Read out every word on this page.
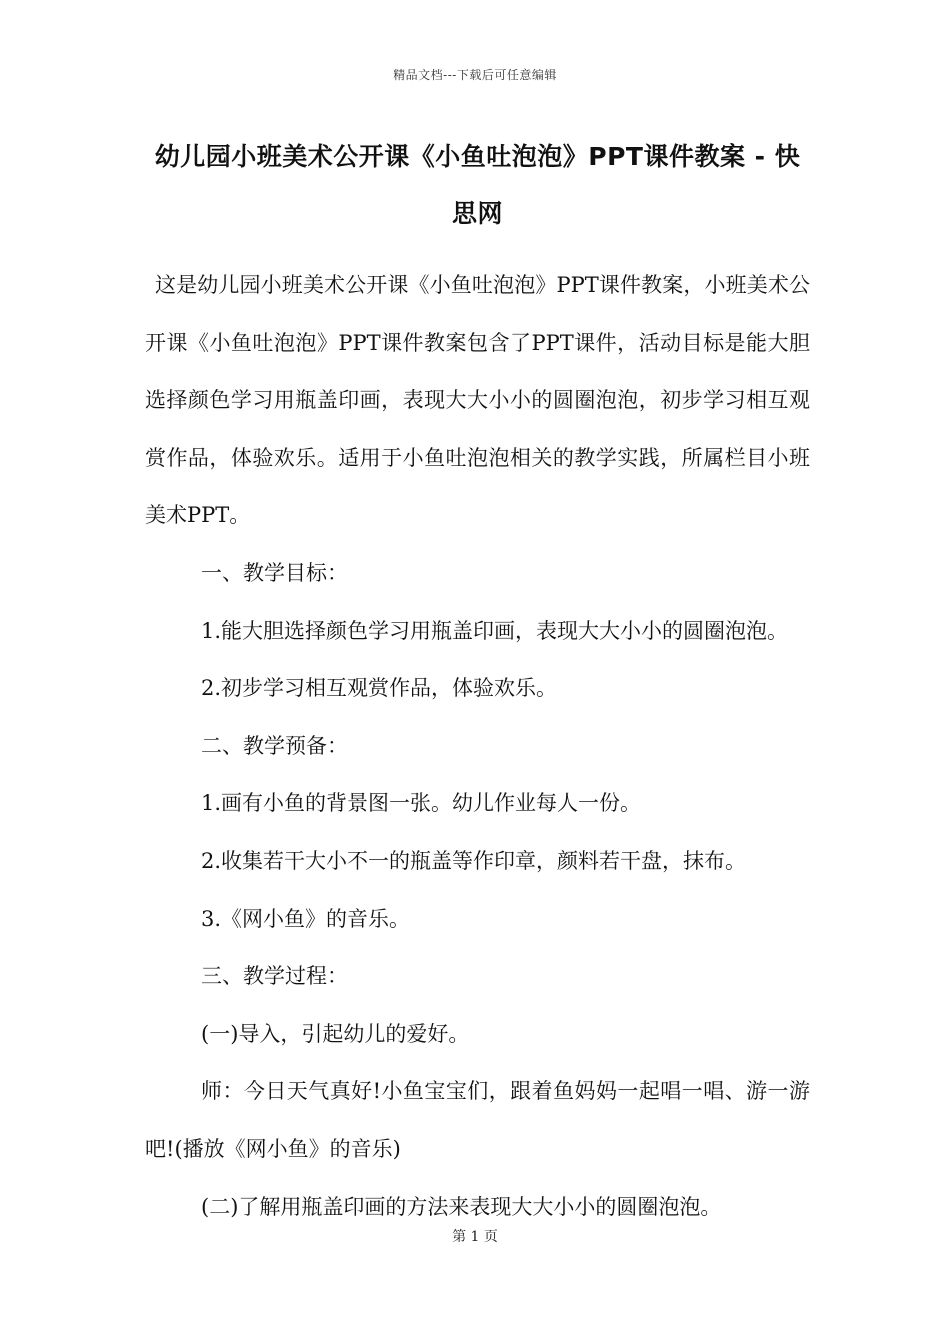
精品文档---下载后可任意编辑
幼儿园小班美术公开课《小鱼吐泡泡》PPT课件教案 - 快思网

这是幼儿园小班美术公开课《小鱼吐泡泡》PPT课件教案，小班美术公开课《小鱼吐泡泡》PPT课件教案包含了PPT课件，活动目标是能大胆选择颜色学习用瓶盖印画，表现大大小小的圆圈泡泡，初步学习相互观赏作品，体验欢乐。适用于小鱼吐泡泡相关的教学实践，所属栏目小班美术PPT。

一、教学目标：

1.能大胆选择颜色学习用瓶盖印画，表现大大小小的圆圈泡泡。

2.初步学习相互观赏作品，体验欢乐。

二、教学预备：

1.画有小鱼的背景图一张。幼儿作业每人一份。

2.收集若干大小不一的瓶盖等作印章，颜料若干盘，抹布。

3.《网小鱼》的音乐。

三、教学过程：

(一)导入，引起幼儿的爱好。

师：今日天气真好!小鱼宝宝们，跟着鱼妈妈一起唱一唱、游一游吧!(播放《网小鱼》的音乐)

(二)了解用瓶盖印画的方法来表现大大小小的圆圈泡泡。

第 1 页
